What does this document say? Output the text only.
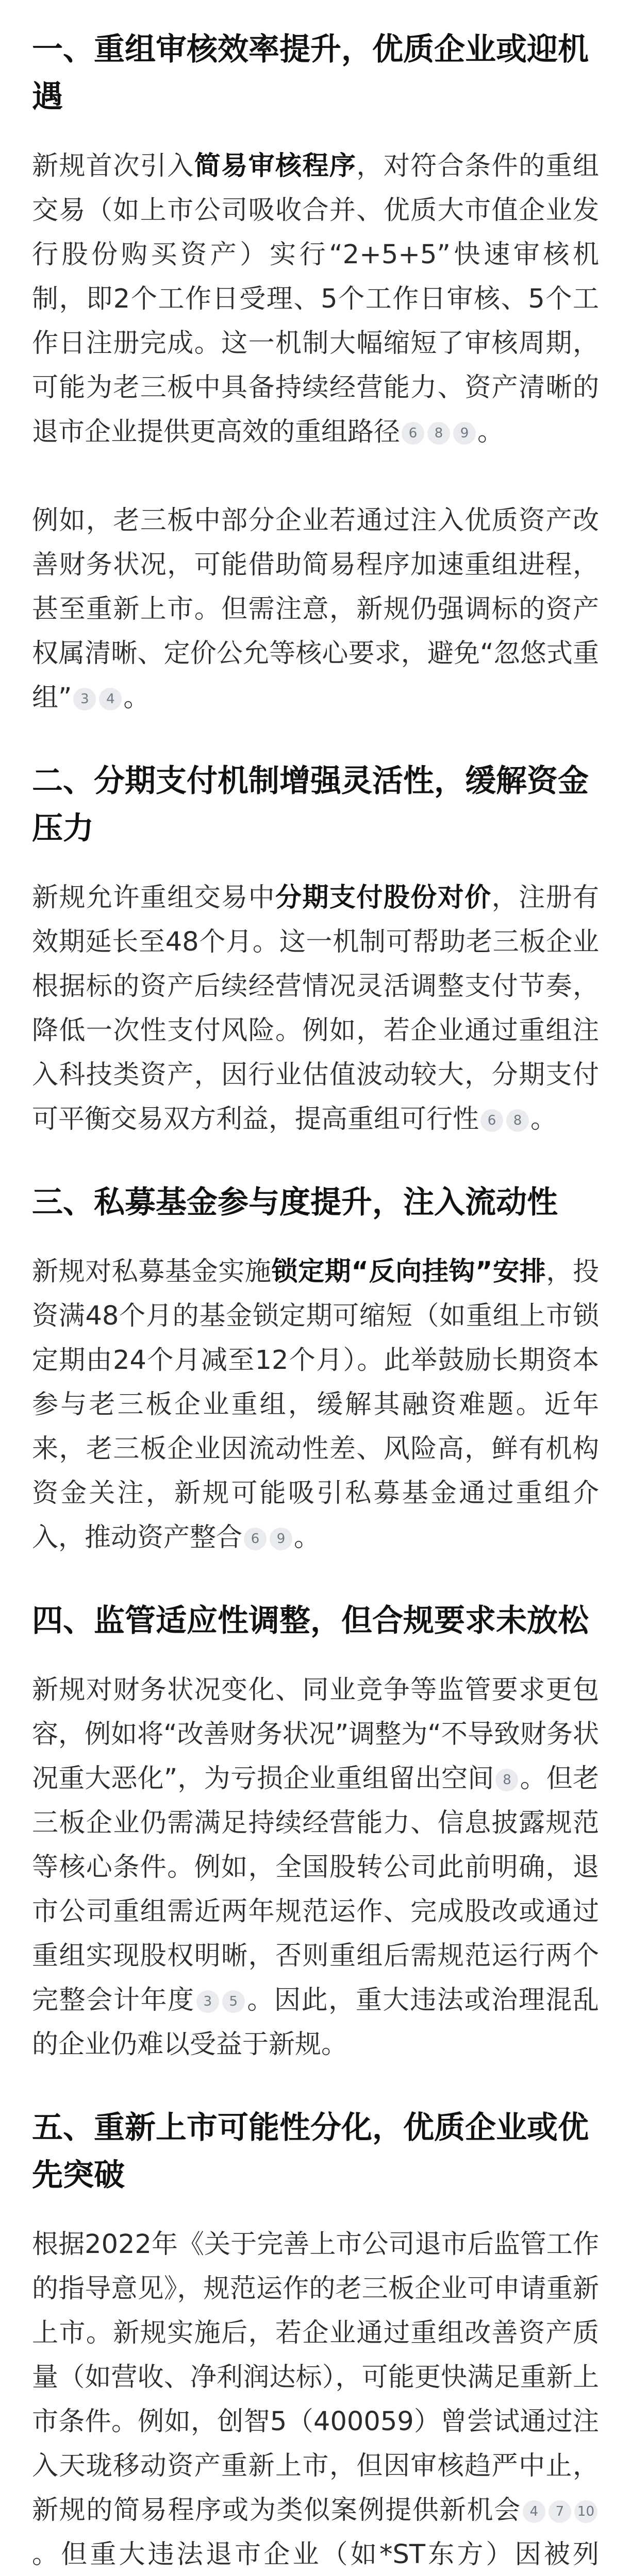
一、重组审核效率提升，优质企业或迎机遇

新规首次引入简易审核程序，对符合条件的重组交易（如上市公司吸收合并、优质大市值企业发行股份购买资产）实行“2+5+5”快速审核机制，即2个工作日受理、5个工作日审核、5个工作日注册完成。这一机制大幅缩短了审核周期，可能为老三板中具备持续经营能力、资产清晰的退市企业提供更高效的重组路径 6 8 9 。

例如，老三板中部分企业若通过注入优质资产改善财务状况，可能借助简易程序加速重组进程，甚至重新上市。但需注意，新规仍强调标的资产权属清晰、定价公允等核心要求，避免“忽悠式重组” 3 4 。

二、分期支付机制增强灵活性，缓解资金压力

新规允许重组交易中分期支付股份对价，注册有效期延长至48个月。这一机制可帮助老三板企业根据标的资产后续经营情况灵活调整支付节奏，降低一次性支付风险。例如，若企业通过重组注入科技类资产，因行业估值波动较大，分期支付可平衡交易双方利益，提高重组可行性 6 8 。

三、私募基金参与度提升，注入流动性

新规对私募基金实施锁定期“反向挂钩”安排，投资满48个月的基金锁定期可缩短（如重组上市锁定期由24个月减至12个月）。此举鼓励长期资本参与老三板企业重组，缓解其融资难题。近年来，老三板企业因流动性差、风险高，鲜有机构资金关注，新规可能吸引私募基金通过重组介入，推动资产整合 6 9 。

四、监管适应性调整，但合规要求未放松

新规对财务状况变化、同业竞争等监管要求更包容，例如将“改善财务状况”调整为“不导致财务状况重大恶化”，为亏损企业重组留出空间 8 。但老三板企业仍需满足持续经营能力、信息披露规范等核心条件。例如，全国股转公司此前明确，退市公司重组需近两年规范运作、完成股改或通过重组实现股权明晰，否则重组后需规范运行两个完整会计年度 3 5 。因此，重大违法或治理混乱的企业仍难以受益于新规。

五、重新上市可能性分化，优质企业或优先突破

根据2022年《关于完善上市公司退市后监管工作的指导意见》，规范运作的老三板企业可申请重新上市。新规实施后，若企业通过重组改善资产质量（如营收、净利润达标），可能更快满足重新上市条件。例如，创智5（400059）曾尝试通过注入天珑移动资产重新上市，但因审核趋严中止，新规的简易程序或为类似案例提供新机会 4 7 10。但重大违法退市企业（如*ST东方）因被列
